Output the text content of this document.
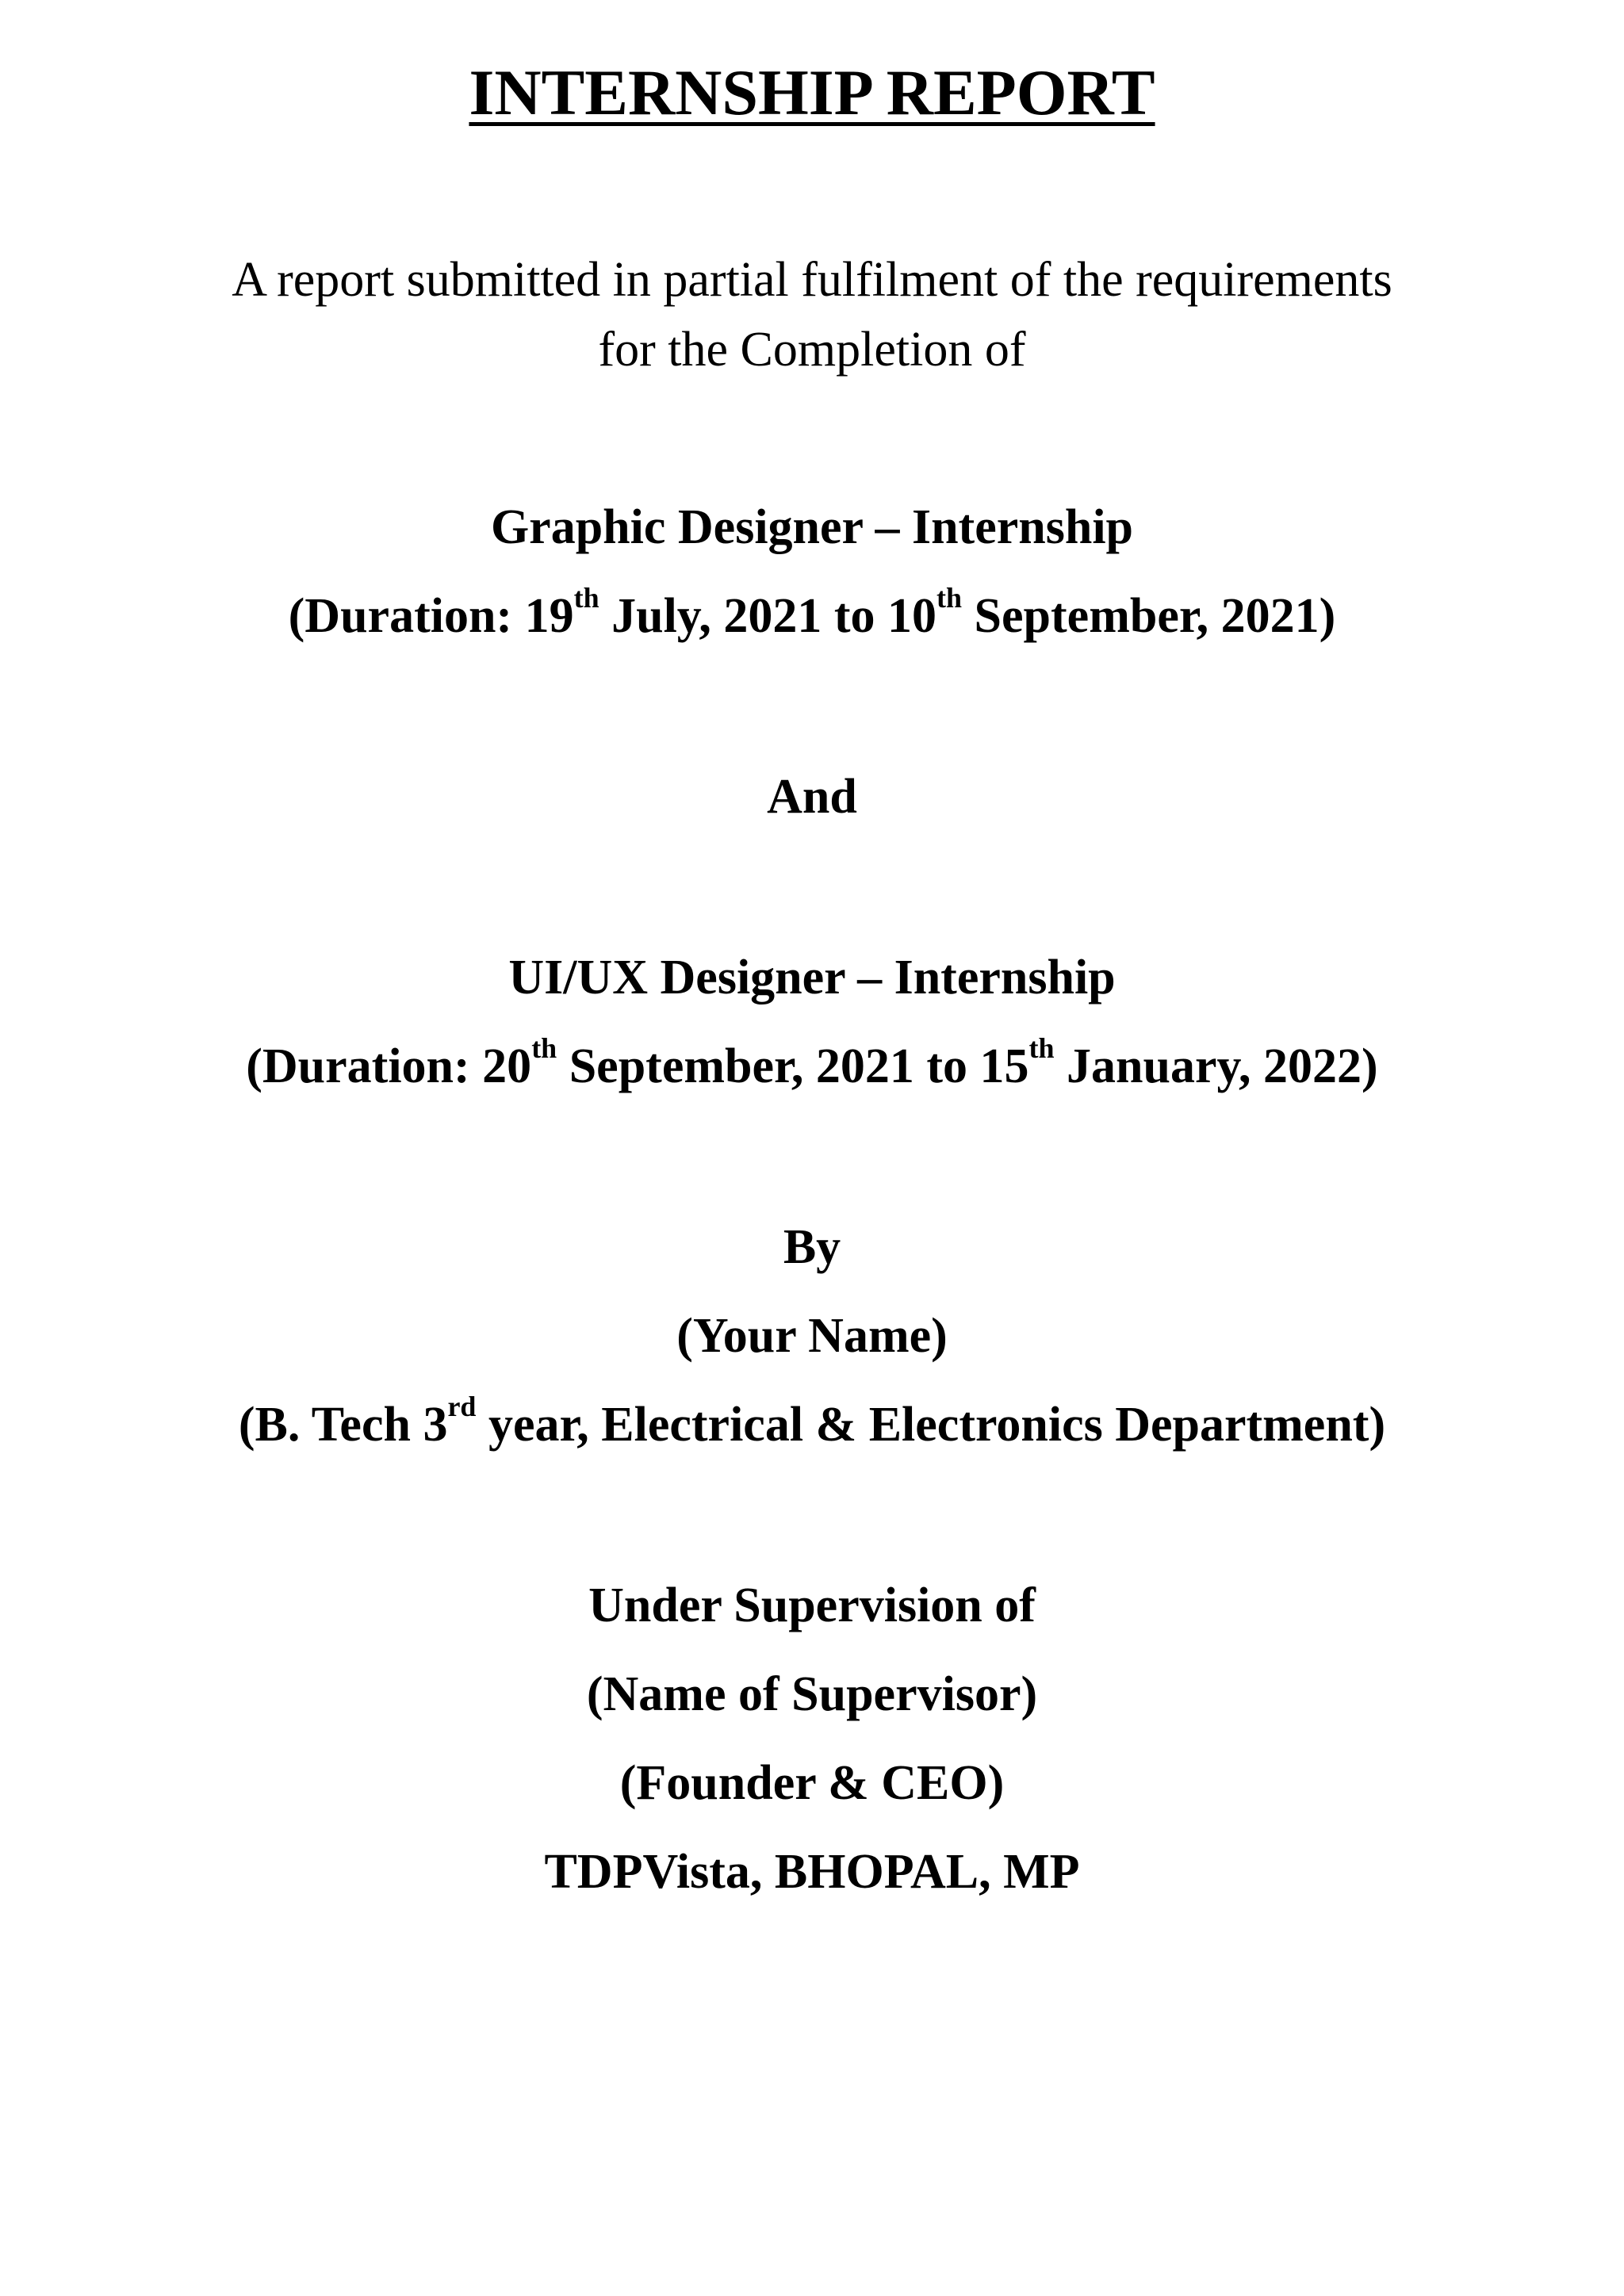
INTERNSHIP REPORT

A report submitted in partial fulfilment of the requirements

for the Completion of

Graphic Designer – Internship

(Duration: 19th July, 2021 to 10th September, 2021)

And

UI/UX Designer – Internship

(Duration: 20th September, 2021 to 15th January, 2022)

By

(Your Name)

(B. Tech 3rd year, Electrical & Electronics Department)

Under Supervision of

(Name of Supervisor)

(Founder & CEO)

TDPVista, BHOPAL, MP
